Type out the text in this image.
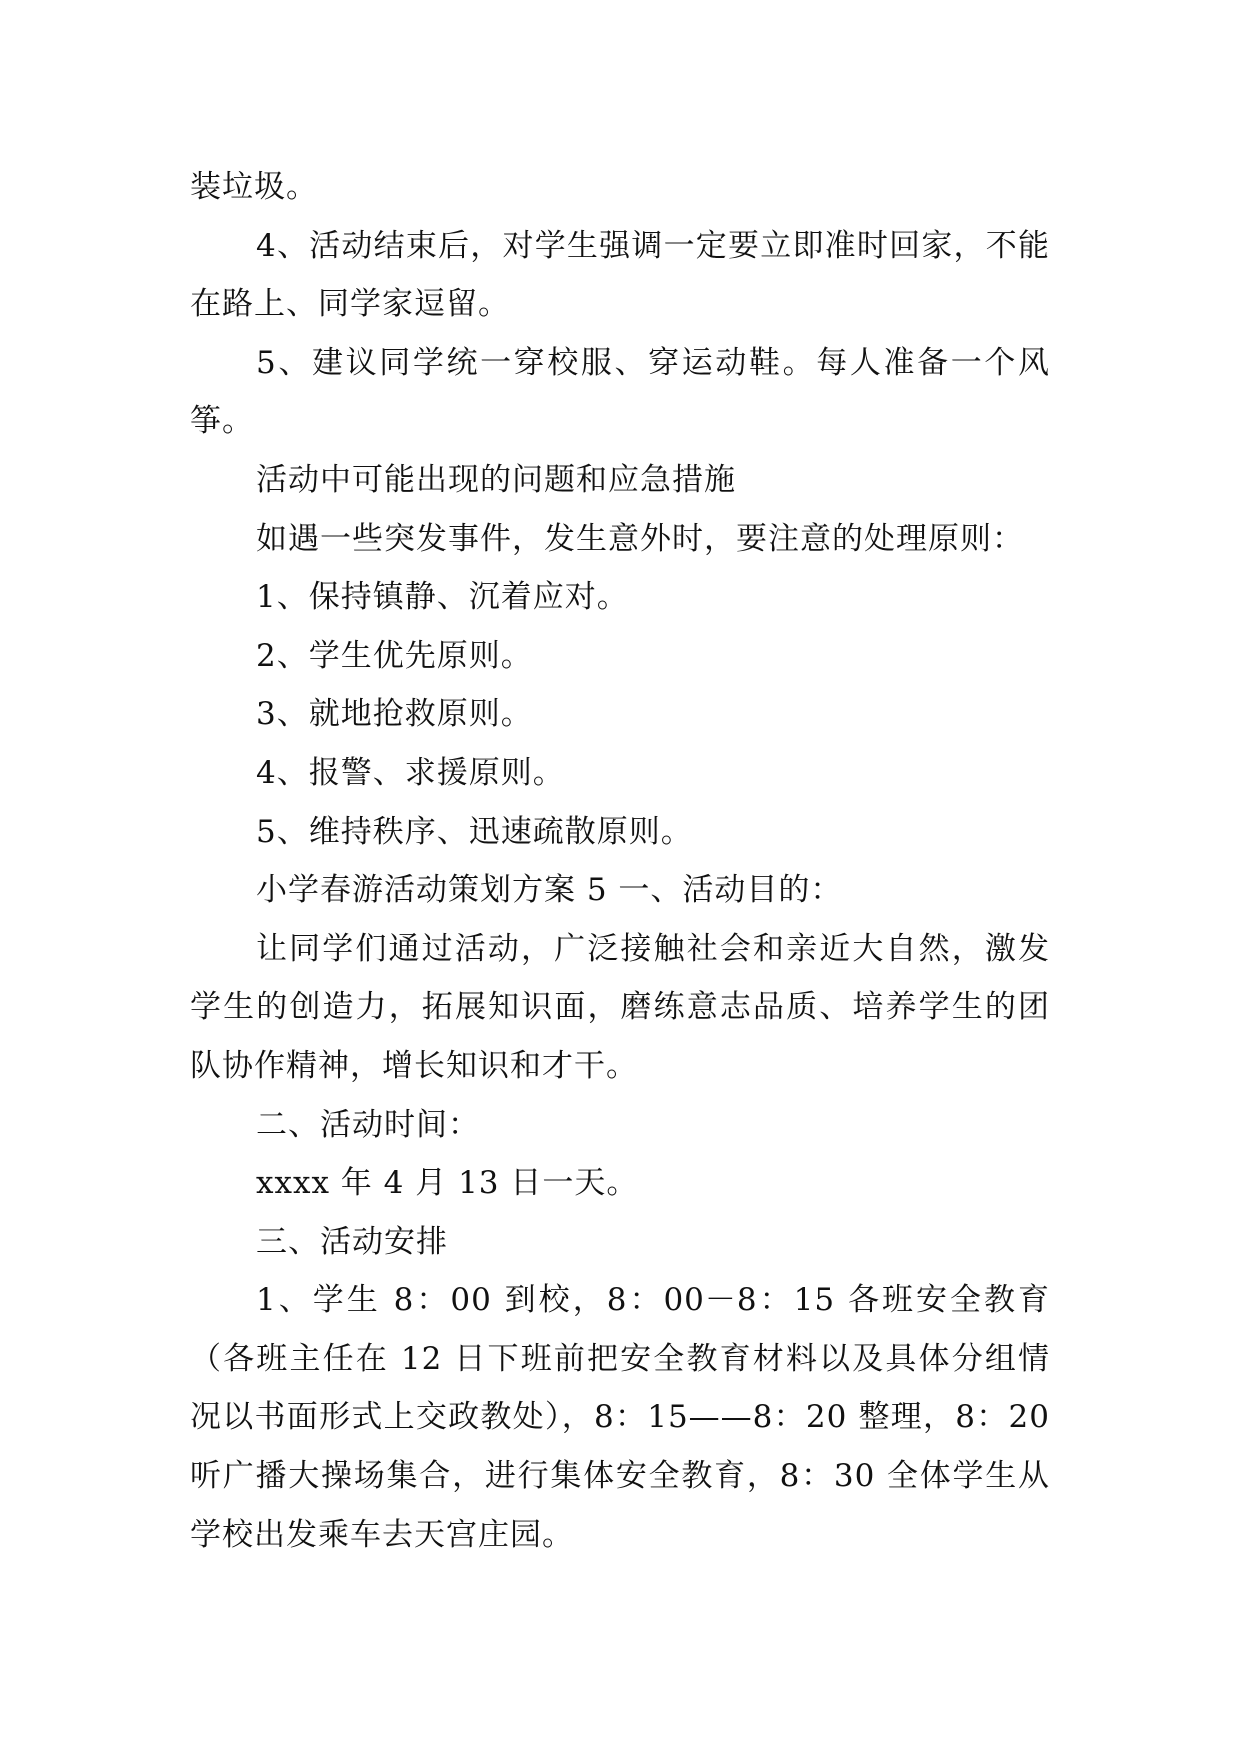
装垃圾。

4、活动结束后，对学生强调一定要立即准时回家，不能在路上、同学家逗留。

5、建议同学统一穿校服、穿运动鞋。每人准备一个风筝。

活动中可能出现的问题和应急措施

如遇一些突发事件，发生意外时，要注意的处理原则：

1、保持镇静、沉着应对。

2、学生优先原则。

3、就地抢救原则。

4、报警、求援原则。

5、维持秩序、迅速疏散原则。

小学春游活动策划方案 5 一、活动目的：

让同学们通过活动，广泛接触社会和亲近大自然，激发学生的创造力，拓展知识面，磨练意志品质、培养学生的团队协作精神，增长知识和才干。

二、活动时间：

xxxx 年 4 月 13 日一天。

三、活动安排

1、学生 8：00 到校，8：00－8：15 各班安全教育（各班主任在 12 日下班前把安全教育材料以及具体分组情况以书面形式上交政教处），8：15——8：20 整理，8：20 听广播大操场集合，进行集体安全教育，8：30 全体学生从学校出发乘车去天宫庄园。
